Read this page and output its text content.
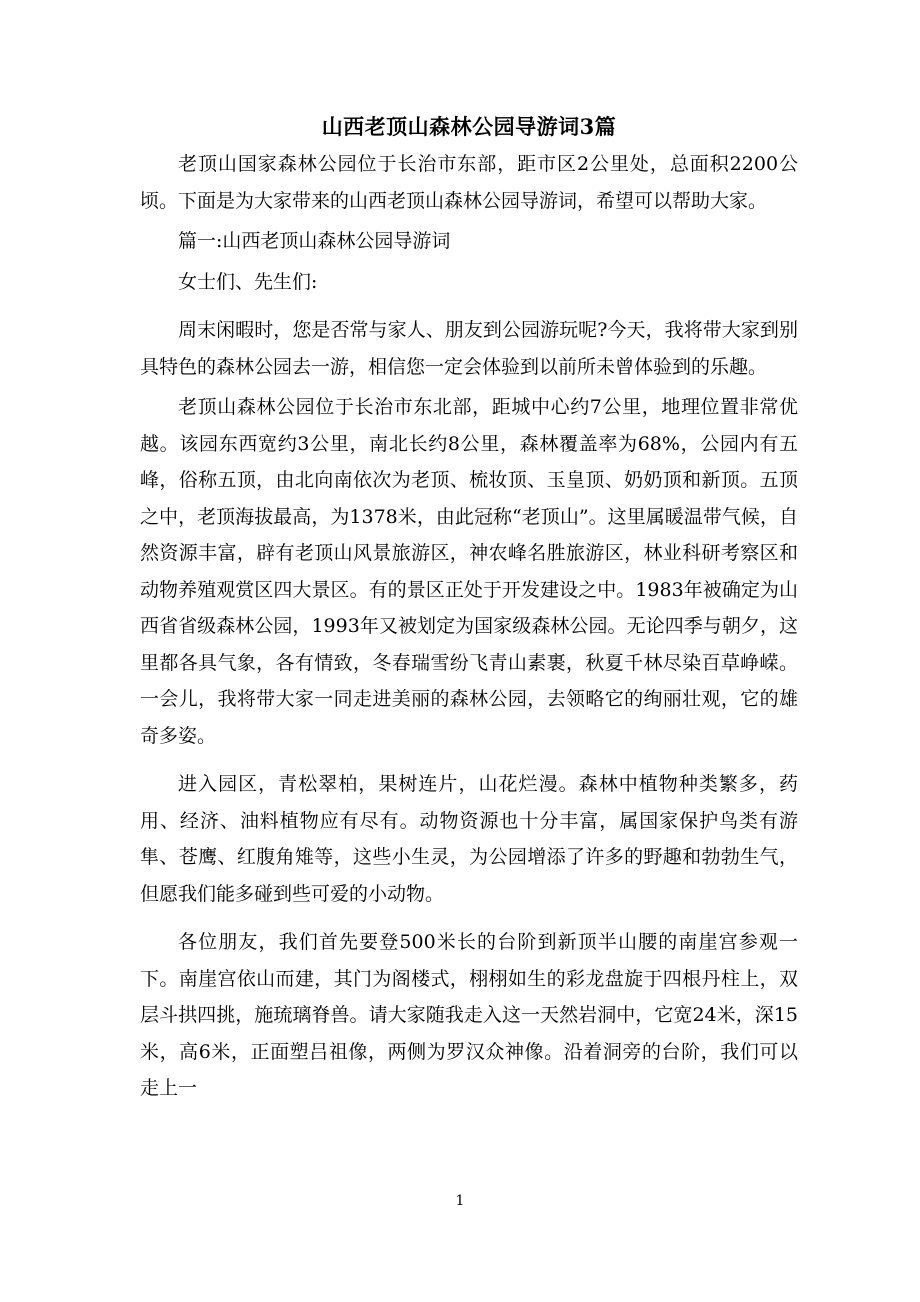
山西老顶山森林公园导游词3篇

老顶山国家森林公园位于长治市东部，距市区2公里处，总面积2200公顷。下面是为大家带来的山西老顶山森林公园导游词，希望可以帮助大家。

篇一:山西老顶山森林公园导游词

女士们、先生们:

周末闲暇时，您是否常与家人、朋友到公园游玩呢?今天，我将带大家到别具特色的森林公园去一游，相信您一定会体验到以前所未曾体验到的乐趣。

老顶山森林公园位于长治市东北部，距城中心约7公里，地理位置非常优越。该园东西宽约3公里，南北长约8公里，森林覆盖率为68%，公园内有五峰，俗称五顶，由北向南依次为老顶、梳妆顶、玉皇顶、奶奶顶和新顶。五顶之中，老顶海拔最高，为1378米，由此冠称“老顶山”。这里属暖温带气候，自然资源丰富，辟有老顶山风景旅游区，神农峰名胜旅游区，林业科研考察区和动物养殖观赏区四大景区。有的景区正处于开发建设之中。1983年被确定为山西省省级森林公园，1993年又被划定为国家级森林公园。无论四季与朝夕，这里都各具气象，各有情致，冬春瑞雪纷飞青山素裹，秋夏千林尽染百草峥嵘。一会儿，我将带大家一同走进美丽的森林公园，去领略它的绚丽壮观，它的雄奇多姿。

进入园区，青松翠柏，果树连片，山花烂漫。森林中植物种类繁多，药用、经济、油料植物应有尽有。动物资源也十分丰富，属国家保护鸟类有游隼、苍鹰、红腹角雉等，这些小生灵，为公园增添了许多的野趣和勃勃生气，但愿我们能多碰到些可爱的小动物。

各位朋友，我们首先要登500米长的台阶到新顶半山腰的南崖宫参观一下。南崖宫依山而建，其门为阁楼式，栩栩如生的彩龙盘旋于四根丹柱上，双层斗拱四挑，施琉璃脊兽。请大家随我走入这一天然岩洞中，它宽24米，深15米，高6米，正面塑吕祖像，两侧为罗汉众神像。沿着洞旁的台阶，我们可以走上一

1
